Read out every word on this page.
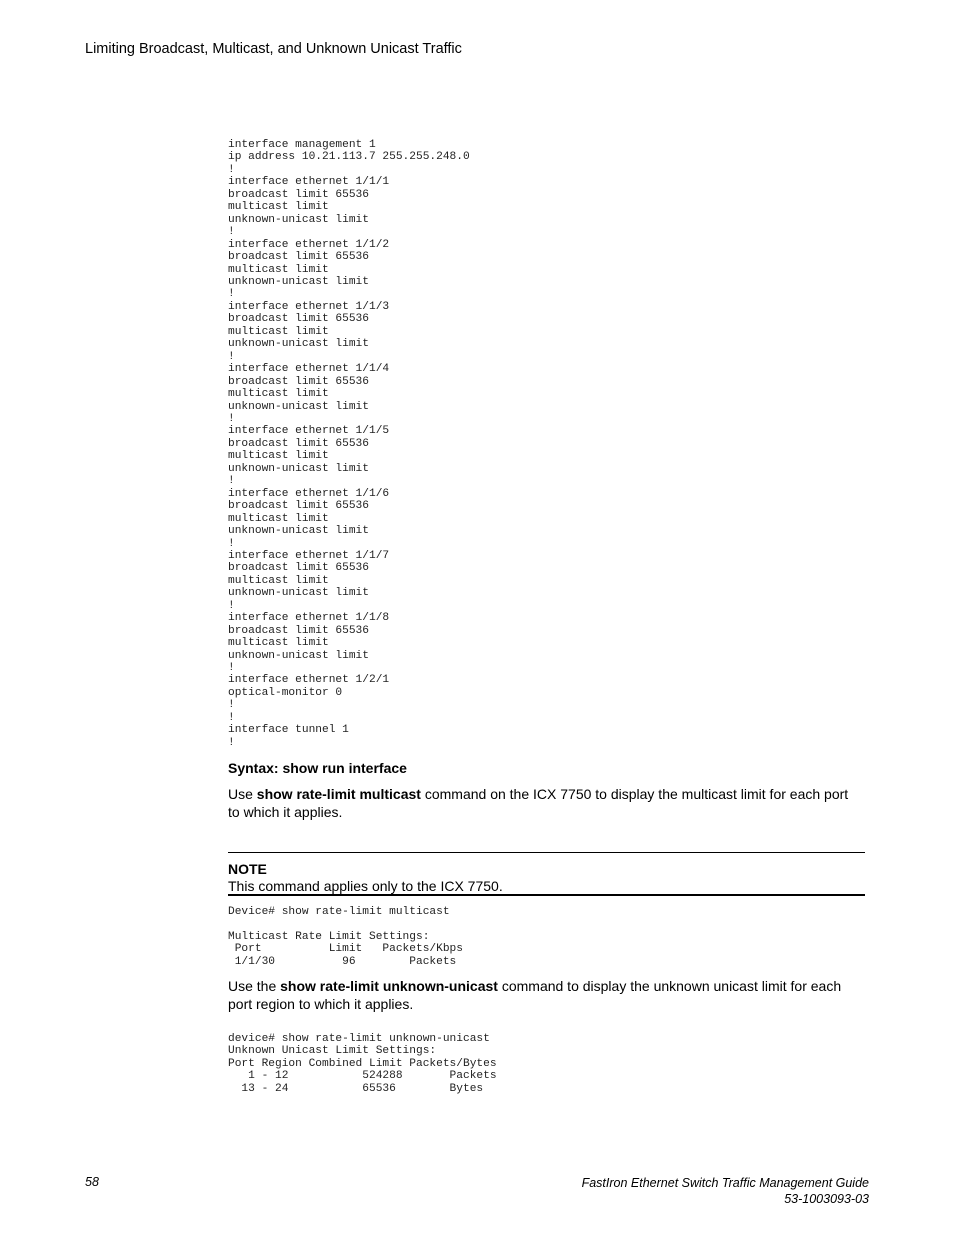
Limiting Broadcast, Multicast, and Unknown Unicast Traffic
interface management 1
ip address 10.21.113.7 255.255.248.0
!
interface ethernet 1/1/1
broadcast limit 65536
multicast limit
unknown-unicast limit
!
interface ethernet 1/1/2
broadcast limit 65536
multicast limit
unknown-unicast limit
!
interface ethernet 1/1/3
broadcast limit 65536
multicast limit
unknown-unicast limit
!
interface ethernet 1/1/4
broadcast limit 65536
multicast limit
unknown-unicast limit
!
interface ethernet 1/1/5
broadcast limit 65536
multicast limit
unknown-unicast limit
!
interface ethernet 1/1/6
broadcast limit 65536
multicast limit
unknown-unicast limit
!
interface ethernet 1/1/7
broadcast limit 65536
multicast limit
unknown-unicast limit
!
interface ethernet 1/1/8
broadcast limit 65536
multicast limit
unknown-unicast limit
!
interface ethernet 1/2/1
optical-monitor 0
!
!
interface tunnel 1
!
Syntax: show run interface
Use show rate-limit multicast command on the ICX 7750 to display the multicast limit for each port to which it applies.
NOTE
This command applies only to the ICX 7750.
Device# show rate-limit multicast

Multicast Rate Limit Settings:
Port          Limit   Packets/Kbps
1/1/30          96        Packets
Use the show rate-limit unknown-unicast command to display the unknown unicast limit for each port region to which it applies.
device# show rate-limit unknown-unicast
Unknown Unicast Limit Settings:
Port Region Combined Limit Packets/Bytes
1 - 12           524288       Packets
13 - 24           65536        Bytes
58	FastIron Ethernet Switch Traffic Management Guide
53-1003093-03
